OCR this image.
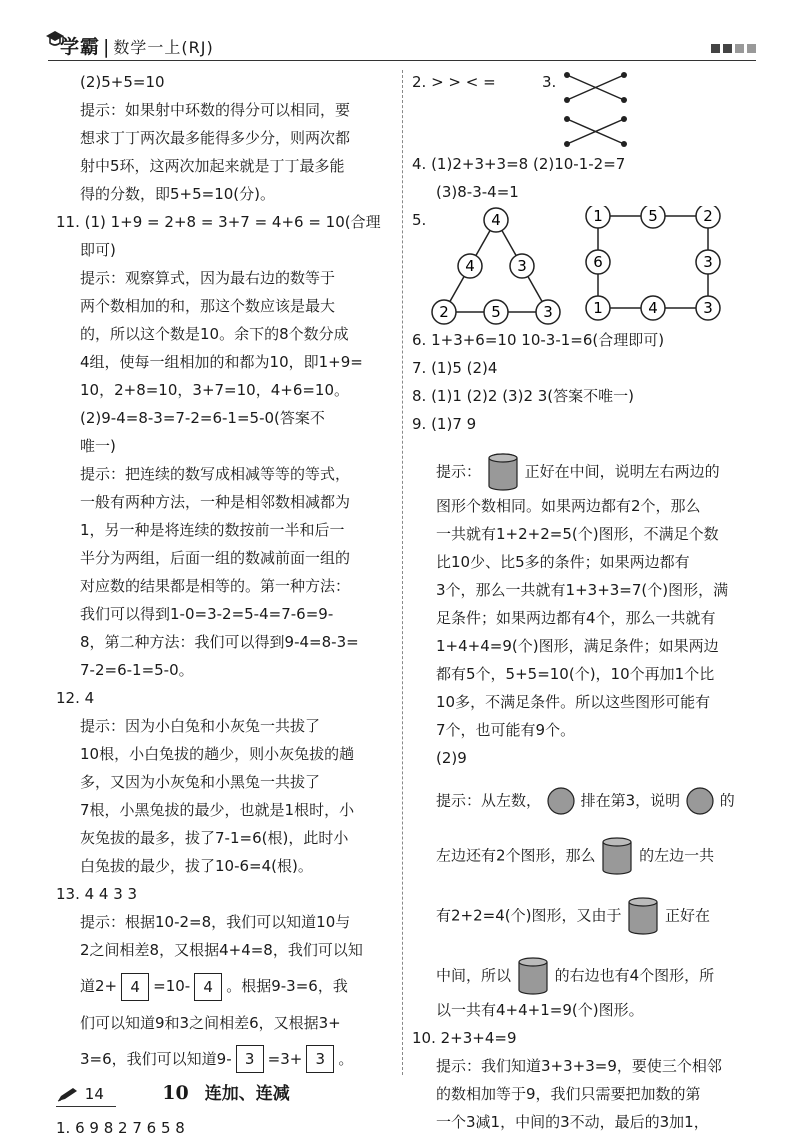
学霸 | 数学一上(RJ)
(2)5+5=10
提示：如果射中环数的得分可以相同，要
想求丁丁两次最多能得多少分，则两次都
射中5环，这两次加起来就是丁丁最多能
得的分数，即5+5=10(分)。
11. (1) 1+9 = 2+8 = 3+7 = 4+6 = 10(合理
即可)
提示：观察算式，因为最右边的数等于
两个数相加的和，那这个数应该是最大
的，所以这个数是10。余下的8个数分成
4组，使每一组相加的和都为10，即1+9=
10，2+8=10，3+7=10，4+6=10。
(2)9-4=8-3=7-2=6-1=5-0(答案不
唯一)
提示：把连续的数写成相减等等的等式，
一般有两种方法，一种是相邻数相减都为
1，另一种是将连续的数按前一半和后一
半分为两组，后面一组的数减前面一组的
对应数的结果都是相等的。第一种方法：
我们可以得到1-0=3-2=5-4=7-6=9-
8，第二种方法：我们可以得到9-4=8-3=
7-2=6-1=5-0。
12. 4
提示：因为小白兔和小灰兔一共拔了
10根，小白兔拔的趟少，则小灰兔拔的趟
多，又因为小灰兔和小黑兔一共拔了
7根，小黑兔拔的最少，也就是1根时，小
灰兔拔的最多，拔了7-1=6(根)，此时小
白兔拔的最少，拔了10-6=4(根)。
13. 4 4 3 3
提示：根据10-2=8，我们可以知道10与
2之间相差8，又根据4+4=8，我们可以知
道2+ 4 =10- 4 。根据9-3=6，我
们可以知道9和3之间相差6，又根据3+
3=6，我们可以知道9- 3 =3+ 3 。
10 连加、连减
1. 6 9 8 2 7 6 5 8
2. > > < =	3.
4. (1)2+3+3=8 (2)10-1-2=7
(3)8-3-4=1
5.	4
4	3
2	5	3
1	5	2
6	3
1	4	3
6. 1+3+6=10 10-3-1=6(合理即可)
7. (1)5 (2)4
8. (1)1 (2)2 (3)2 3(答案不唯一)
9. (1)7 9
提示：	正好在中间，说明左右两边的
图形个数相同。如果两边都有2个，那么
一共就有1+2+2=5(个)图形，不满足个数
比10少、比5多的条件；如果两边都有
3个，那么一共就有1+3+3=7(个)图形，满
足条件；如果两边都有4个，那么一共就有
1+4+4=9(个)图形，满足条件；如果两边
都有5个，5+5=10(个)，10个再加1个比
10多，不满足条件。所以这些图形可能有
7个，也可能有9个。
(2)9
提示：从左数，	排在第3，说明	的
左边还有2个图形，那么	的左边一共
有2+2=4(个)图形，又由于	正好在
中间，所以	的右边也有4个图形，所
以一共有4+4+1=9(个)图形。
10. 2+3+4=9
提示：我们知道3+3+3=9，要使三个相邻
的数相加等于9，我们只需要把加数的第
一个3减1，中间的3不动，最后的3加1，
14
